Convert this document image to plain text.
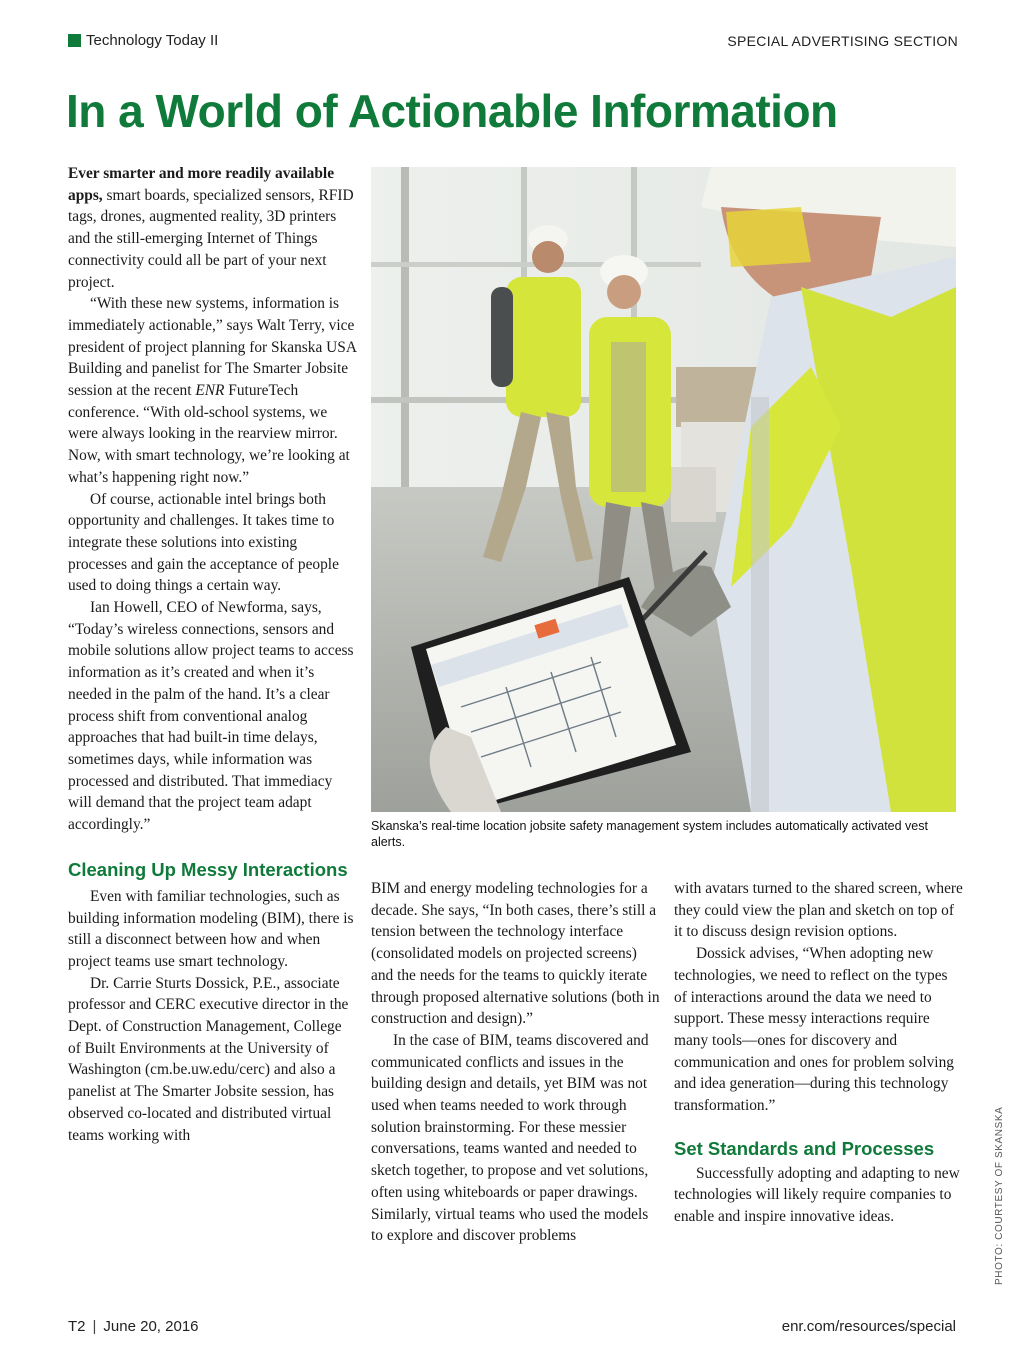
Technology Today II	SPECIAL ADVERTISING SECTION
In a World of Actionable Information

Ever smarter and more readily available apps, smart boards, specialized sensors, RFID tags, drones, augmented reality, 3D printers and the still-emerging Internet of Things connectivity could all be part of your next project.

“With these new systems, information is immediately actionable,” says Walt Terry, vice president of project planning for Skanska USA Building and panelist for The Smarter Jobsite session at the recent ENR FutureTech conference. “With old-school systems, we were always looking in the rearview mirror. Now, with smart technology, we’re looking at what’s happening right now.”

Of course, actionable intel brings both opportunity and challenges. It takes time to integrate these solutions into existing processes and gain the acceptance of people used to doing things a certain way.

Ian Howell, CEO of Newforma, says, “Today’s wireless connections, sensors and mobile solutions allow project teams to access information as it’s created and when it’s needed in the palm of the hand. It’s a clear process shift from conventional analog approaches that had built-in time delays, sometimes days, while information was processed and distributed. That immediacy will demand that the project team adapt accordingly.”

Cleaning Up Messy Interactions

Even with familiar technologies, such as building information modeling (BIM), there is still a disconnect between how and when project teams use smart technology.

Dr. Carrie Sturts Dossick, P.E., associate professor and CERC executive director in the Dept. of Construction Management, College of Built Environments at the University of Washington (cm.be.uw.edu/cerc) and also a panelist at The Smarter Jobsite session, has observed co-located and distributed virtual teams working with

Skanska’s real-time location jobsite safety management system includes automatically activated vest alerts.
PHOTO: COURTESY OF SKANSKA

BIM and energy modeling technologies for a decade. She says, “In both cases, there’s still a tension between the technology interface (consolidated models on projected screens) and the needs for the teams to quickly iterate through proposed alternative solutions (both in construction and design).”

In the case of BIM, teams discovered and communicated conflicts and issues in the building design and details, yet BIM was not used when teams needed to work through solution brainstorming. For these messier conversations, teams wanted and needed to sketch together, to propose and vet solutions, often using whiteboards or paper drawings. Similarly, virtual teams who used the models to explore and discover problems

with avatars turned to the shared screen, where they could view the plan and sketch on top of it to discuss design revision options.

Dossick advises, “When adopting new technologies, we need to reflect on the types of interactions around the data we need to support. These messy interactions require many tools—ones for discovery and communication and ones for problem solving and idea generation—during this technology transformation.”

Set Standards and Processes

Successfully adopting and adapting to new technologies will likely require companies to enable and inspire innovative ideas.

T2 | June 20, 2016	enr.com/resources/special
